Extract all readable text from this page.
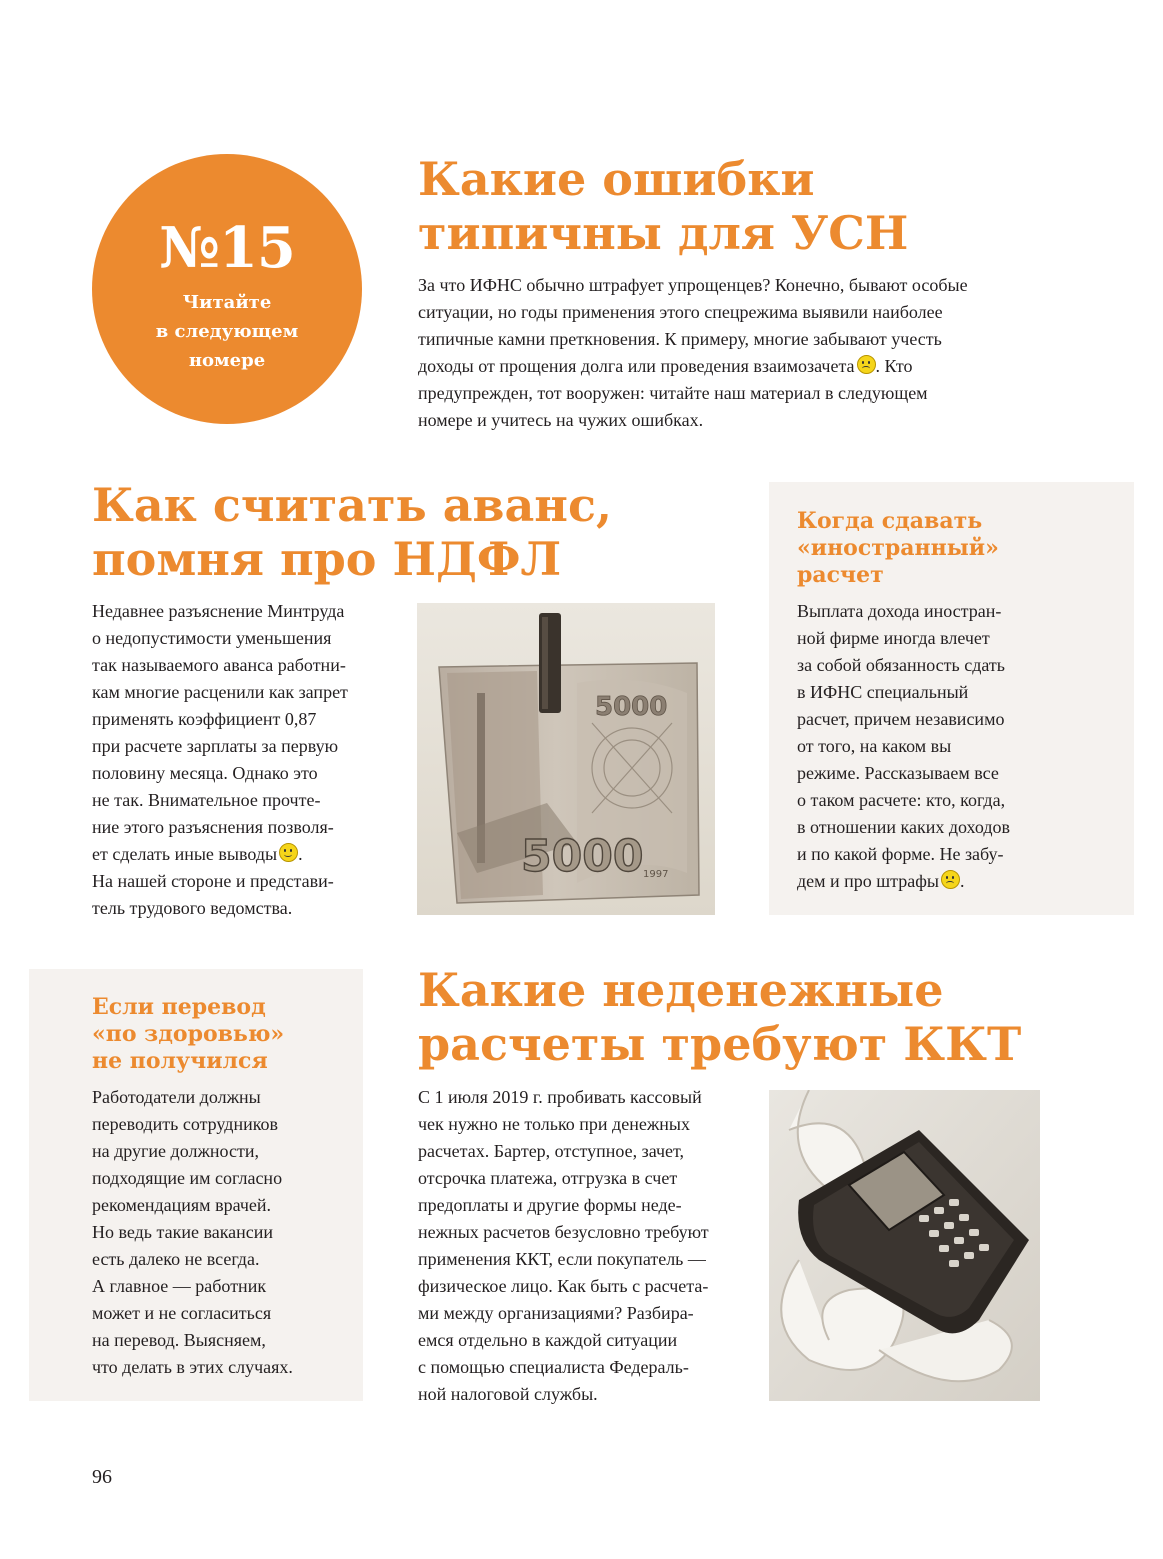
№15
Читайте
в следующем
номере
Какие ошибки
типичны для УСН
За что ИФНС обычно штрафует упрощенцев? Конечно, бывают особые
ситуации, но годы применения этого спецрежима выявили наиболее
типичные камни преткновения. К примеру, многие забывают учесть
доходы от прощения долга или проведения взаимозачета . Кто
предупрежден, тот вооружен: читайте наш материал в следующем
номере и учитесь на чужих ошибках.
Как считать аванс,
помня про НДФЛ
Недавнее разъяснение Минтруда
о недопустимости уменьшения
так называемого аванса работни-
кам многие расценили как запрет
применять коэффициент 0,87
при расчете зарплаты за первую
половину месяца. Однако это
не так. Внимательное прочте-
ние этого разъяснения позволя-
ет сделать иные выводы .
На нашей стороне и представи-
тель трудового ведомства.
5000
5000 1997
Когда сдавать
«иностранный»
расчет
Выплата дохода иностран-
ной фирме иногда влечет
за собой обязанность сдать
в ИФНС специальный
расчет, причем независимо
от того, на каком вы
режиме. Рассказываем все
о таком расчете: кто, когда,
в отношении каких доходов
и по какой форме. Не забу-
дем и про штрафы .
Если перевод
«по здоровью»
не получился
Работодатели должны
переводить сотрудников
на другие должности,
подходящие им согласно
рекомендациям врачей.
Но ведь такие вакансии
есть далеко не всегда.
А главное — работник
может и не согласиться
на перевод. Выясняем,
что делать в этих случаях.
Какие неденежные
расчеты требуют ККТ
С 1 июля 2019 г. пробивать кассовый
чек нужно не только при денежных
расчетах. Бартер, отступное, зачет,
отсрочка платежа, отгрузка в счет
предоплаты и другие формы неде-
нежных расчетов безусловно требуют
применения ККТ, если покупатель —
физическое лицо. Как быть с расчета-
ми между организациями? Разбира-
емся отдельно в каждой ситуации
с помощью специалиста Федераль-
ной налоговой службы.
96
